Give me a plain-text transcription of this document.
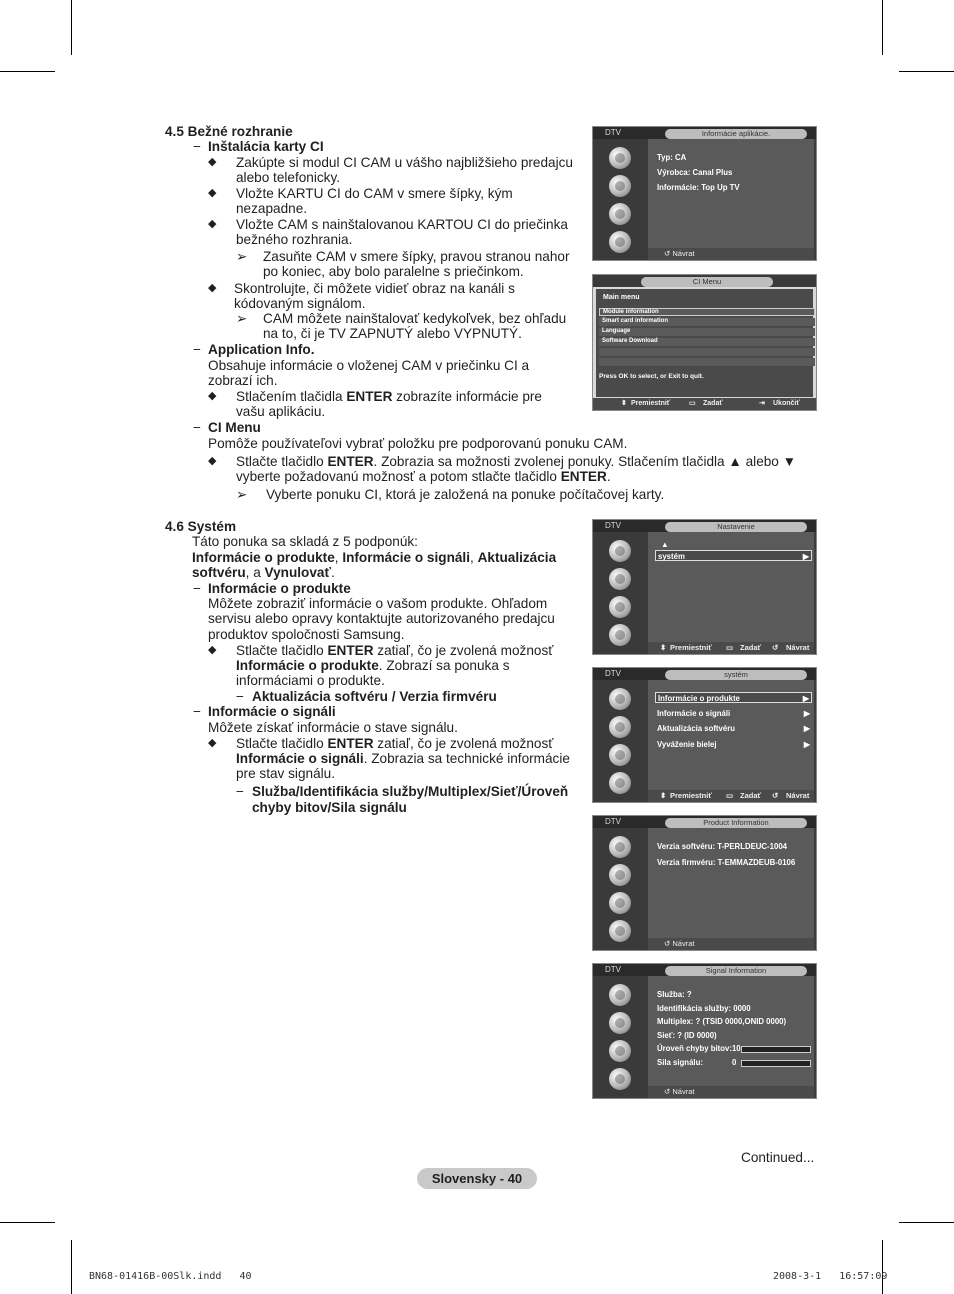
4.5 Bežné rozhranie
− Inštalácia karty CI
◆ Zakúpte si modul CI CAM u vášho najbližšieho predajcu
alebo telefonicky.
◆ Vložte KARTU CI do CAM v smere šípky, kým
nezapadne.
◆ Vložte CAM s nainštalovanou KARTOU CI do priečinka
bežného rozhrania.
➢ Zasuňte CAM v smere šípky, pravou stranou nahor
po koniec, aby bolo paralelne s priečinkom.
◆ Skontrolujte, či môžete vidieť obraz na kanáli s
kódovaným signálom.
➢ CAM môžete nainštalovať kedykoľvek, bez ohľadu
na to, či je TV ZAPNUTÝ alebo VYPNUTÝ.
− Application Info.
Obsahuje informácie o vloženej CAM v priečinku CI a
zobrazí ich.
◆ Stlačením tlačidla ENTER zobrazíte informácie pre
vašu aplikáciu.
− CI Menu
Pomôže používateľovi vybrať položku pre podporovanú ponuku CAM.
◆ Stlačte tlačidlo ENTER. Zobrazia sa možnosti zvolenej ponuky. Stlačením tlačidla ▲ alebo ▼
vyberte požadovanú možnosť a potom stlačte tlačidlo ENTER.
➢ Vyberte ponuku CI, ktorá je založená na ponuke počítačovej karty.
4.6 Systém
Táto ponuka sa skladá z 5 podponúk:
Informácie o produkte, Informácie o signáli, Aktualizácia
softvéru, a Vynulovať.
− Informácie o produkte
Môžete zobraziť informácie o vašom produkte. Ohľadom
servisu alebo opravy kontaktujte autorizovaného predajcu
produktov spoločnosti Samsung.
◆ Stlačte tlačidlo ENTER zatiaľ, čo je zvolená možnosť
Informácie o produkte. Zobrazí sa ponuka s
informáciami o produkte.
− Aktualizácia softvéru / Verzia firmvéru
− Informácie o signáli
Môžete získať informácie o stave signálu.
◆ Stlačte tlačidlo ENTER zatiaľ, čo je zvolená možnosť
Informácie o signáli. Zobrazia sa technické informácie
pre stav signálu.
− Služba/Identifikácia služby/Multiplex/Sieť/Úroveň
chyby bitov/Sila signálu
DTV	Informácie aplikácie.
Typ: CA
Výrobca: Canal Plus
Informácie: Top Up TV
↺ Návrat
CI Menu
Main menu
Module information
Smart card information
Language
Software Download
Press OK to select, or Exit to quit.
⬍ Premiestniť	▭ Zadať	⇥ Ukončiť
DTV	Nastavenie
▲
systém	▶
⬍ Premiestniť ▭ Zadať ↺ Návrat
DTV	systém
Informácie o produkte	▶
Informácie o signáli	▶
Aktualizácia softvéru	▶
Vyváženie bielej	▶
⬍ Premiestniť ▭ Zadať ↺ Návrat
DTV	Product Information
Verzia softvéru: T-PERLDEUC-1004
Verzia firmvéru: T-EMMAZDEUB-0106
↺ Návrat
DTV	Signal Information
Služba: ?
Identifikácia služby: 0000
Multiplex: ? (TSID 0000,ONID 0000)
Sieť: ? (ID 0000)
Úroveň chyby bitov:10
Sila signálu:	0
↺ Návrat
Continued...
Slovensky - 40
BN68-01416B-00Slk.indd   40	2008-3-1   16:57:09
